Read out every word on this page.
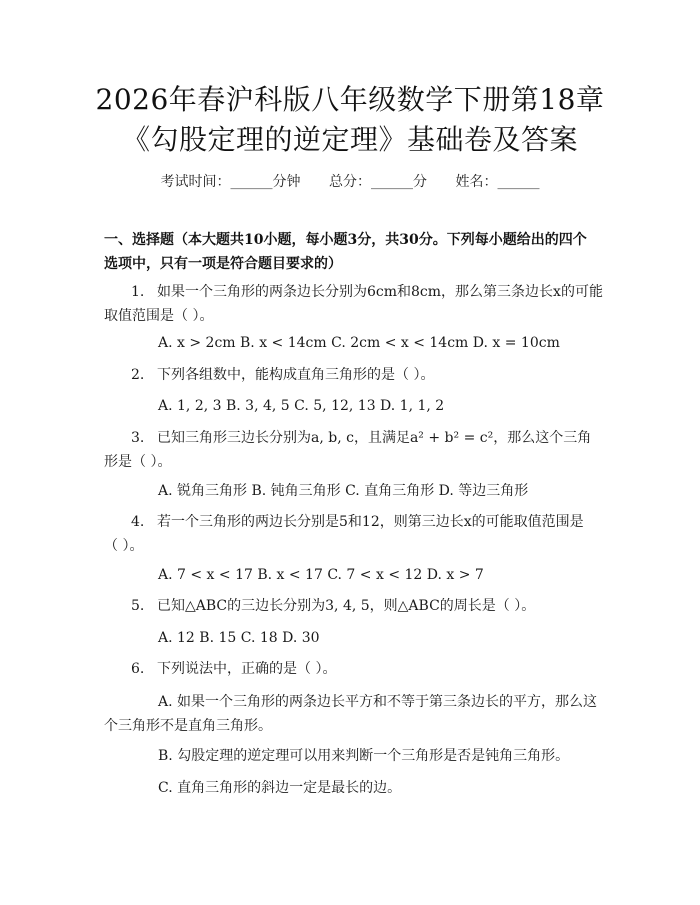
2026年春沪科版八年级数学下册第18章
《勾股定理的逆定理》基础卷及答案
考试时间：______分钟 总分：______分 姓名：______
一、选择题（本大题共10小题，每小题3分，共30分。下列每小题给出的四个
选项中，只有一项是符合题目要求的）
1. 如果一个三角形的两条边长分别为6cm和8cm，那么第三条边长x的可能
取值范围是（ ）。
A. x > 2cm B. x < 14cm C. 2cm < x < 14cm D. x = 10cm
2. 下列各组数中，能构成直角三角形的是（ ）。
A. 1, 2, 3 B. 3, 4, 5 C. 5, 12, 13 D. 1, 1, 2
3. 已知三角形三边长分别为a, b, c，且满足a² + b² = c²，那么这个三角
形是（ ）。
A. 锐角三角形 B. 钝角三角形 C. 直角三角形 D. 等边三角形
4. 若一个三角形的两边长分别是5和12，则第三边长x的可能取值范围是
（ ）。
A. 7 < x < 17 B. x < 17 C. 7 < x < 12 D. x > 7
5. 已知△ABC的三边长分别为3, 4, 5，则△ABC的周长是（ ）。
A. 12 B. 15 C. 18 D. 30
6. 下列说法中，正确的是（ ）。
A. 如果一个三角形的两条边长平方和不等于第三条边长的平方，那么这
个三角形不是直角三角形。
B. 勾股定理的逆定理可以用来判断一个三角形是否是钝角三角形。
C. 直角三角形的斜边一定是最长的边。
